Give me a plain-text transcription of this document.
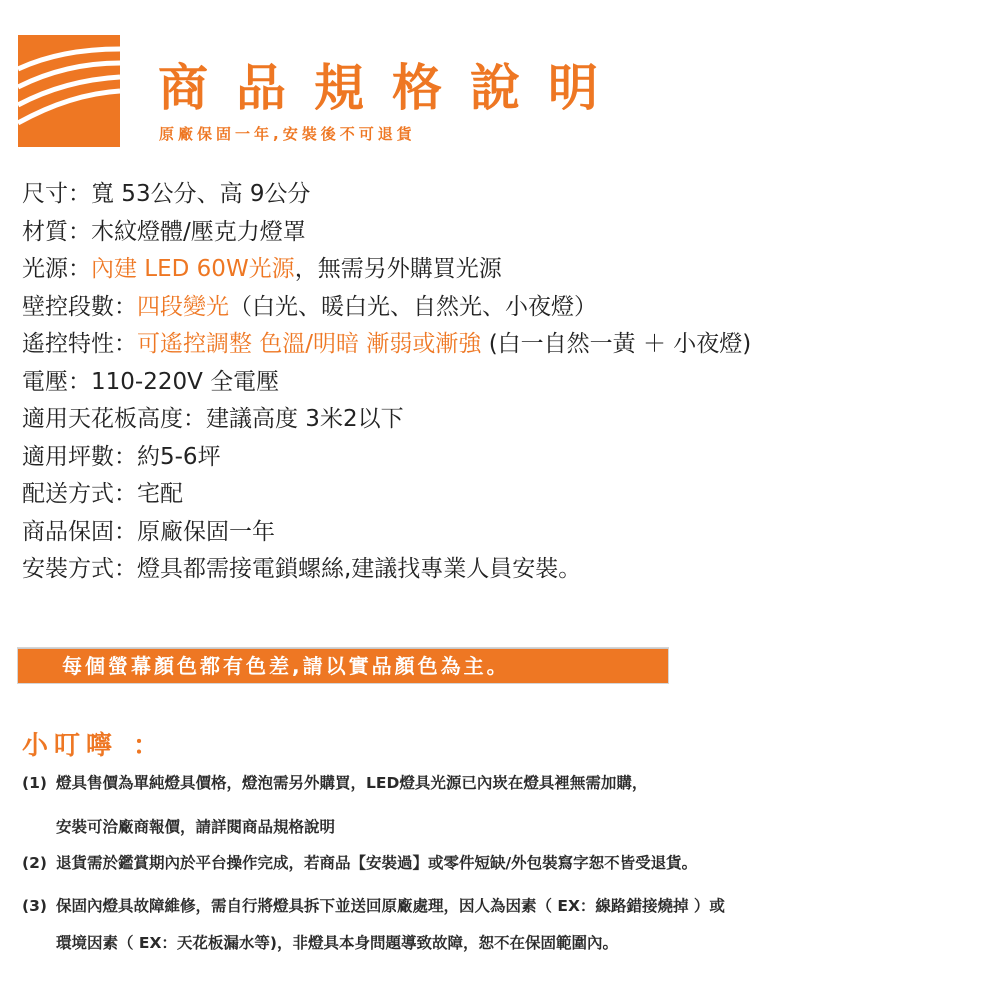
商品規格說明
原廠保固一年,安裝後不可退貨
尺寸：寬 53公分、高 9公分
材質：木紋燈體/壓克力燈罩
光源：內建 LED 60W光源，無需另外購買光源
壁控段數：四段變光（白光、暖白光、自然光、小夜燈）
遙控特性：可遙控調整 色溫/明暗 漸弱或漸強 (白一自然一黃 ＋ 小夜燈)
電壓：110-220V 全電壓
適用天花板高度：建議高度 3米2以下
適用坪數：約5-6坪
配送方式：宅配
商品保固：原廠保固一年
安裝方式：燈具都需接電鎖螺絲,建議找專業人員安裝。
每個螢幕顏色都有色差,請以實品顏色為主。
小叮嚀 ：
(1) 燈具售價為單純燈具價格，燈泡需另外購買，LED燈具光源已內崁在燈具裡無需加購，
安裝可洽廠商報價，請詳閱商品規格說明
(2) 退貨需於鑑賞期內於平台操作完成，若商品【安裝過】或零件短缺/外包裝寫字恕不皆受退貨。
(3) 保固內燈具故障維修，需自行將燈具拆下並送回原廠處理，因人為因素（ EX：線路錯接燒掉 ）或
環境因素（ EX：天花板漏水等)，非燈具本身問題導致故障，恕不在保固範圍內。
